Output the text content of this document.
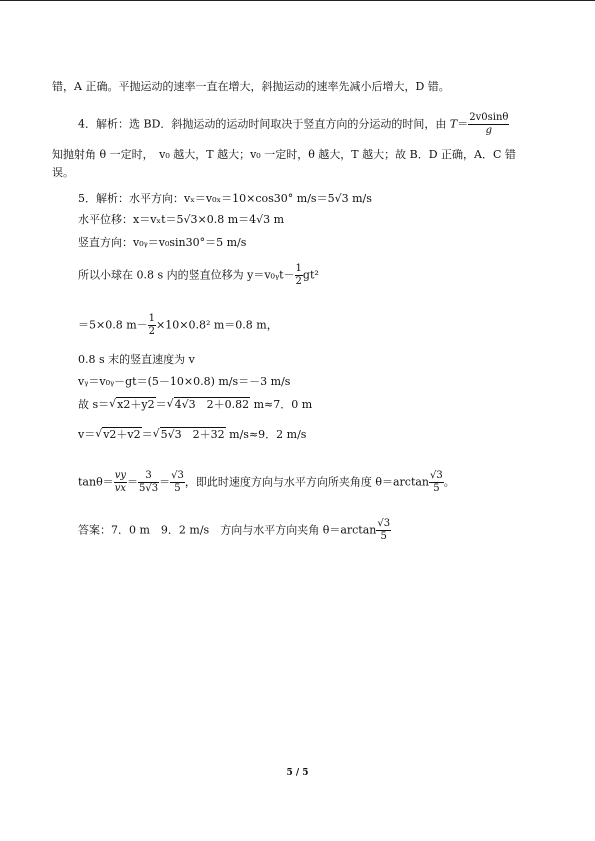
错，A 正确。平抛运动的速率一直在增大，斜抛运动的速率先减小后增大，D 错。
4．解析：选 BD．斜抛运动的运动时间取决于竖直方向的分运动的时间，由 $T= \frac{2v0\sin\theta}{g}$
知抛射角 θ 一定时，　v₀ 越大，T 越大；v₀ 一定时，θ 越大，T 越大；故 B．D 正确，A．C 错
误。
5．解析：水平方向：vₓ＝v₀ₓ＝10×cos30° m/s＝5√3 m/s
水平位移：x＝vₓt＝5√3×0.8 m＝4√3 m
竖直方向：v₀ᵧ＝v₀sin30°＝5 m/s
所以小球在 0.8 s 内的竖直位移为 y＝v₀ᵧt－ $\frac{1}{2} gt^2$
＝5×0.8 $m- \frac{1}{2} \times 10\times 0.8^2$ m＝0.8 m，
0.8 s 末的竖直速度为 v
vᵧ＝v₀ᵧ－gt＝(5－10×0.8) m/s＝－3 m/s
故 s＝ √ x2＋y2＝ √ 4√3　2＋0.82 m≈7．0 m
v＝ √ v2＋v2＝ √ 5√3　2＋32 m/s≈9．2 m/s
$\tan\theta= \frac{vy}{vx} = \frac{3}{5√3} = \frac{√3}{5}$ ，即此时速度方向与水平方向所夹角度 $\theta=\arctan \frac{√3}{5}$ 。
答案：7．0 m　9．2 m/s　方向与水平方向夹角 $\theta=\arctan \frac{√3}{5}$
5 / 5
